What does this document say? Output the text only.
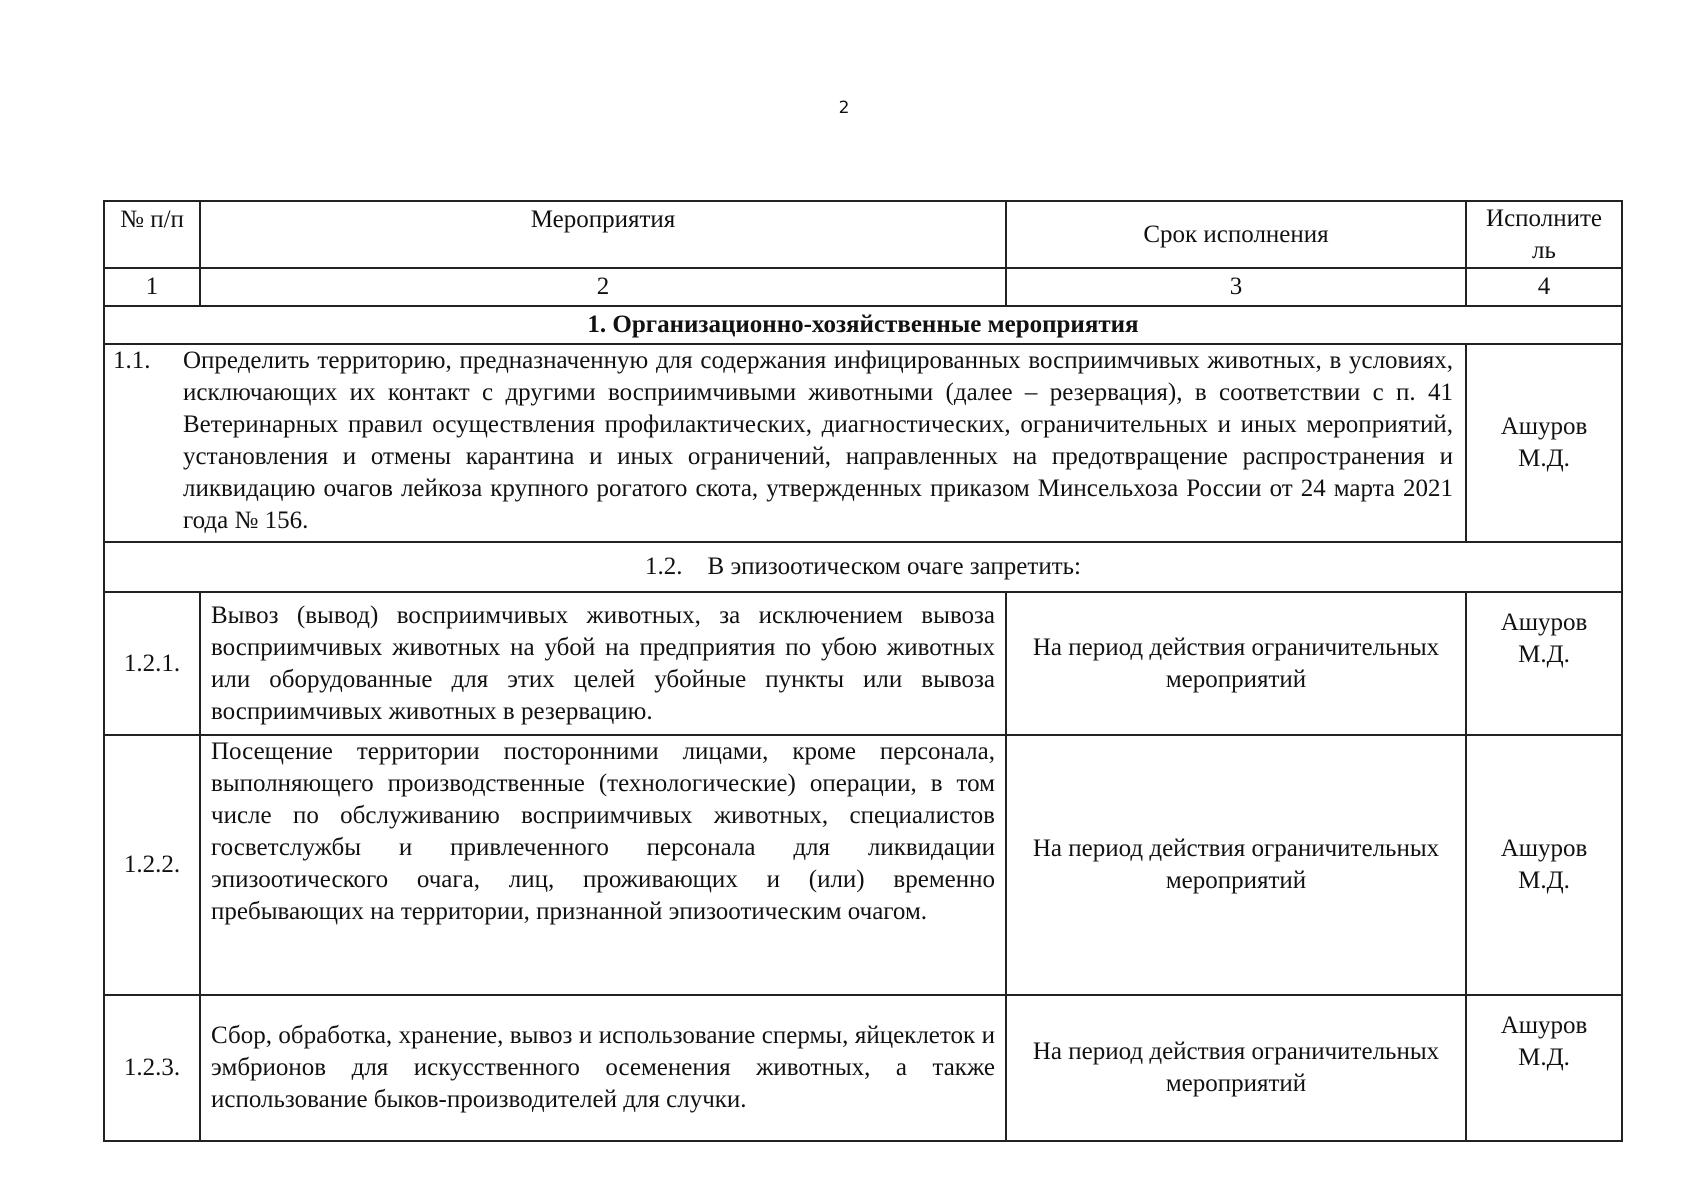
2
№ п/п	Мероприятия	Срок исполнения	Исполните ль
1	2	3	4
1. Организационно-хозяйственные мероприятия			

1.1. Определить территорию, предназначенную для содержания инфицированных восприимчивых животных, в условиях, исключающих их контакт с другими восприимчивыми животными (далее – резервация), в соответствии с п. 41 Ветеринарных правил осуществления профилактических, диагностических, ограничительных и иных мероприятий, установления и отмены карантина и иных ограничений, направленных на предотвращение распространения и ликвидацию очагов лейкоза крупного рогатого скота, утвержденных приказом Минсельхоза России от 24 марта 2021 года № 156.			Ашуров М.Д.
1.2.    В эпизоотическом очаге запретить:			
1.2.1.	Вывоз (вывод) восприимчивых животных, за исключением вывоза восприимчивых животных на убой на предприятия по убою животных или оборудованные для этих целей убойные пункты или вывоза восприимчивых животных в резервацию.	На период действия ограничительных мероприятий	Ашуров М.Д.
1.2.2.	Посещение территории посторонними лицами, кроме персонала, выполняющего производственные (технологические) операции, в том числе по обслуживанию восприимчивых животных, специалистов госветслужбы и привлеченного персонала для ликвидации эпизоотического очага, лиц, проживающих и (или) временно пребывающих на территории, признанной эпизоотическим очагом.	На период действия ограничительных мероприятий	Ашуров М.Д.
1.2.3.	Сбор, обработка, хранение, вывоз и использование спермы, яйцеклеток и эмбрионов для искусственного осеменения животных, а также использование быков-производителей для случки.	На период действия ограничительных мероприятий	Ашуров М.Д.
